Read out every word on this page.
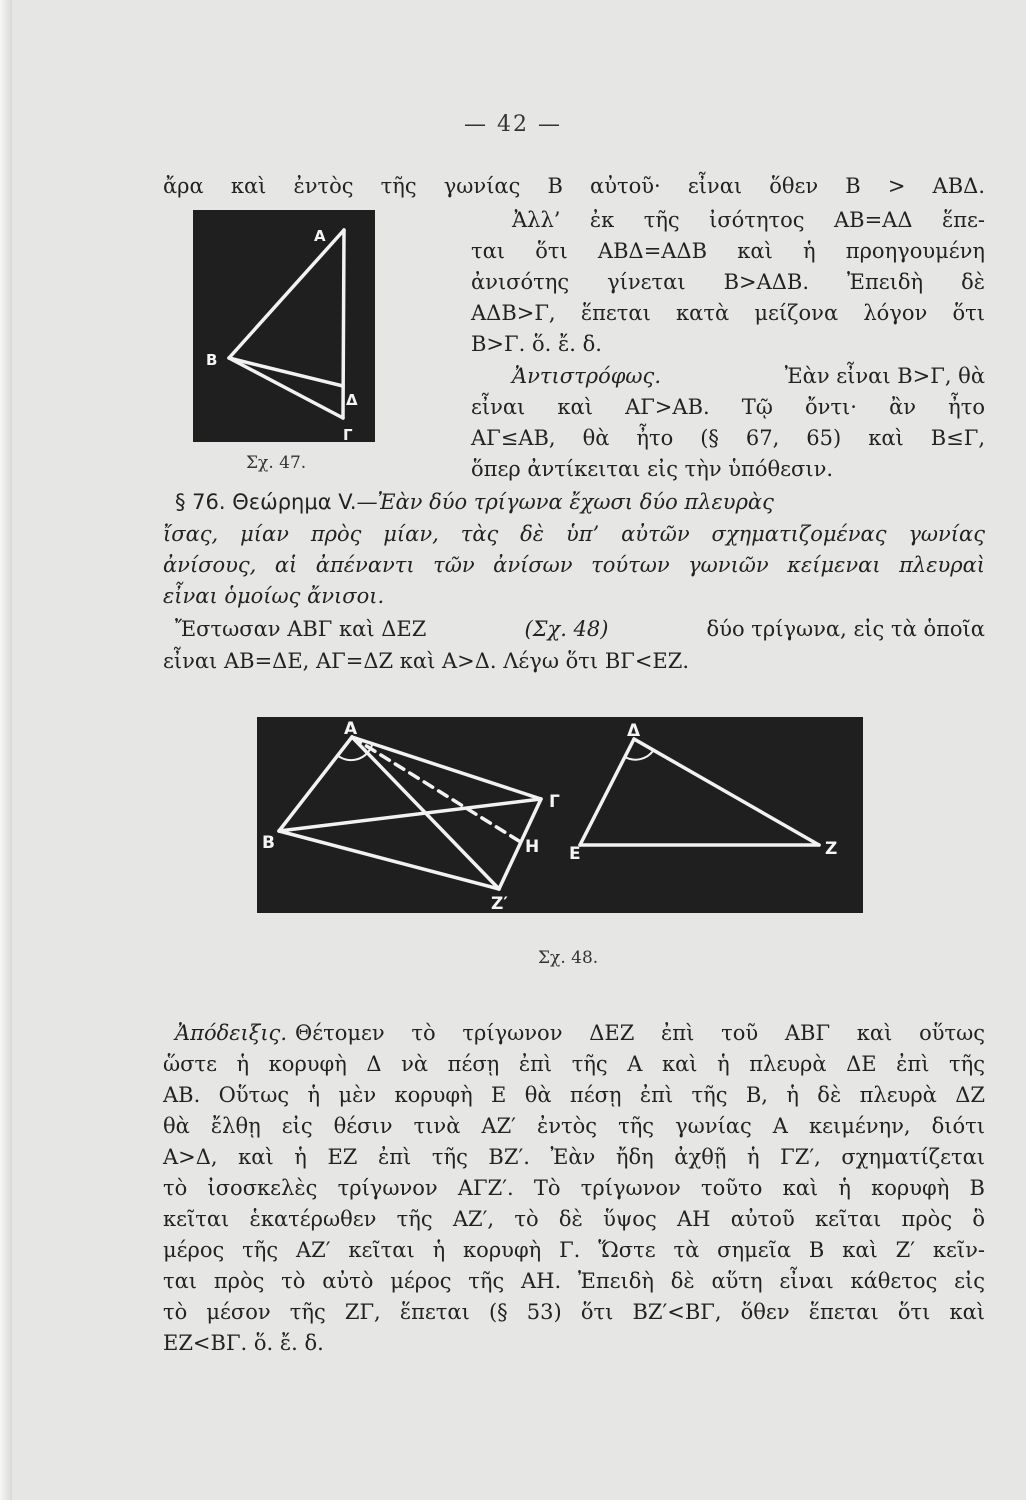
— 42 —
ἄρα καὶ ἐντὸς τῆς γωνίας Β αὐτοῦ· εἶναι ὅθεν Β > ΑΒΔ.
Ἀλλ’ ἐκ τῆς ἰσότητος ΑΒ=ΑΔ ἕπε-
ται ὅτι ΑΒΔ=ΑΔΒ καὶ ἡ προηγουμένη
ἀνισότης γίνεται Β>ΑΔΒ. Ἐπειδὴ δὲ
ΑΔΒ>Γ, ἕπεται κατὰ μείζονα λόγον ὅτι
Β>Γ. ὅ. ἔ. δ.
Ἀντιστρόφως.	Ἐὰν εἶναι Β>Γ, θὰ
εἶναι καὶ ΑΓ>ΑΒ. Τῷ ὄντι· ἂν ἦτο
ΑΓ≤ΑΒ, θὰ ἦτο (§ 67, 65) καὶ Β≤Γ,
ὅπερ ἀντίκειται εἰς τὴν ὑπόθεσιν.
Α
Β
Δ
Γ
Σχ. 47.
§ 76. Θεώρημα V.—Ἐὰν δύο τρίγωνα ἔχωσι δύο πλευρὰς
ἴσας, μίαν πρὸς μίαν, τὰς δὲ ὑπ’ αὐτῶν σχηματιζομένας γωνίας
ἀνίσους, αἱ ἀπέναντι τῶν ἀνίσων τούτων γωνιῶν κείμεναι πλευραὶ
εἶναι ὁμοίως ἄνισοι.
Ἔστωσαν ΑΒΓ καὶ ΔΕΖ	(Σχ. 48)	δύο τρίγωνα, εἰς τὰ ὁποῖα
εἶναι ΑΒ=ΔΕ, ΑΓ=ΔΖ καὶ Α>Δ. Λέγω ὅτι ΒΓ<ΕΖ.
Α
Β
Γ
Η
Ζ′
Δ
Ε	Ζ
Σχ. 48.
Ἀπόδειξις. Θέτομεν τὸ τρίγωνον ΔΕΖ ἐπὶ τοῦ ΑΒΓ καὶ οὕτως
ὥστε ἡ κορυφὴ Δ νὰ πέσῃ ἐπὶ τῆς Α καὶ ἡ πλευρὰ ΔΕ ἐπὶ τῆς
ΑΒ. Οὕτως ἡ μὲν κορυφὴ Ε θὰ πέσῃ ἐπὶ τῆς Β, ἡ δὲ πλευρὰ ΔΖ
θὰ ἔλθῃ εἰς θέσιν τινὰ ΑΖ′ ἐντὸς τῆς γωνίας Α κειμένην, διότι
Α>Δ, καὶ ἡ ΕΖ ἐπὶ τῆς ΒΖ′. Ἐὰν ἤδη ἀχθῇ ἡ ΓΖ′, σχηματίζεται
τὸ ἰσοσκελὲς τρίγωνον ΑΓΖ′. Τὸ τρίγωνον τοῦτο καὶ ἡ κορυφὴ Β
κεῖται ἑκατέρωθεν τῆς ΑΖ′, τὸ δὲ ὕψος ΑΗ αὐτοῦ κεῖται πρὸς ὃ
μέρος τῆς ΑΖ′ κεῖται ἡ κορυφὴ Γ. Ὥστε τὰ σημεῖα Β καὶ Ζ′ κεῖν-
ται πρὸς τὸ αὐτὸ μέρος τῆς ΑΗ. Ἐπειδὴ δὲ αὕτη εἶναι κάθετος εἰς
τὸ μέσον τῆς ΖΓ, ἕπεται (§ 53) ὅτι ΒΖ′<ΒΓ, ὅθεν ἕπεται ὅτι καὶ
ΕΖ<ΒΓ. ὅ. ἔ. δ.
